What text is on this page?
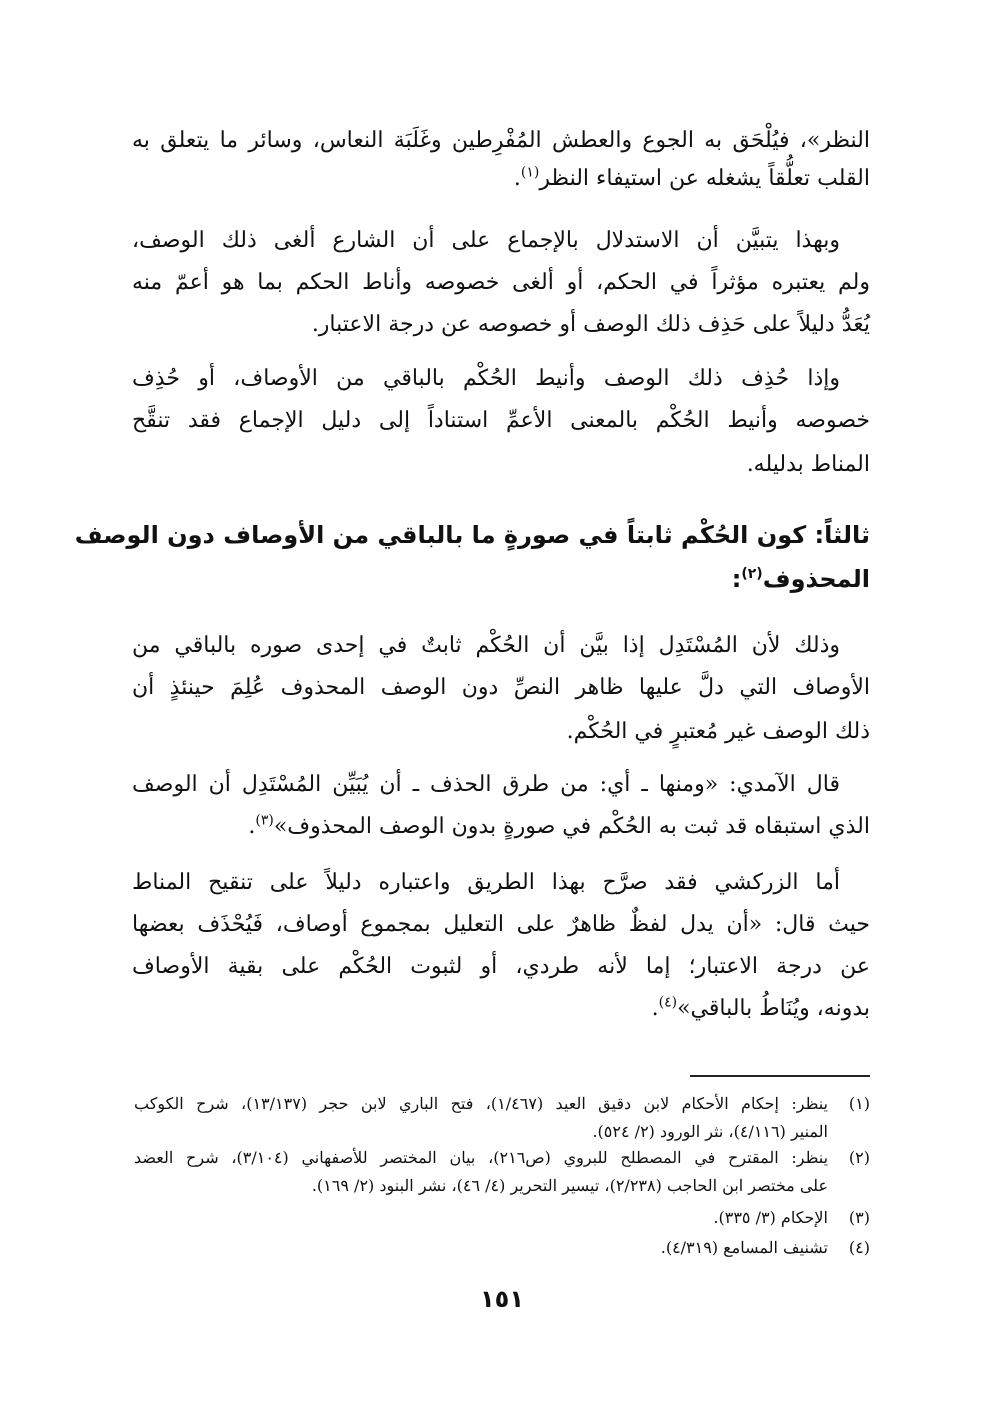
النظر»، فيُلْحَق به الجوع والعطش المُفْرِطين وغَلَبَة النعاس، وسائر ما يتعلق به
القلب تعلُّقاً يشغله عن استيفاء النظر$^{(١)}$.
وبهذا يتبيَّن أن الاستدلال بالإجماع على أن الشارع ألغى ذلك الوصف،
ولم يعتبره مؤثراً في الحكم، أو ألغى خصوصه وأناط الحكم بما هو أعمّ منه
يُعَدُّ دليلاً على حَذِف ذلك الوصف أو خصوصه عن درجة الاعتبار.
وإذا حُذِف ذلك الوصف وأنيط الحُكْم بالباقي من الأوصاف، أو حُذِف
خصوصه وأنيط الحُكْم بالمعنى الأعمِّ استناداً إلى دليل الإجماع فقد تنقَّح
المناط بدليله.
ثالثاً: كون الحُكْم ثابتاً في صورةٍ ما بالباقي من الأوصاف دون الوصف
المحذوف$^{(٢)}$:
وذلك لأن المُسْتَدِل إذا بيَّن أن الحُكْم ثابتٌ في إحدى صوره بالباقي من
الأوصاف التي دلَّ عليها ظاهر النصِّ دون الوصف المحذوف عُلِمَ حينئذٍ أن
ذلك الوصف غير مُعتبرٍ في الحُكْم.
قال الآمدي: «ومنها ـ أي: من طرق الحذف ـ أن يُبَيِّن المُسْتَدِل أن الوصف
الذي استبقاه قد ثبت به الحُكْم في صورةٍ بدون الوصف المحذوف»$^{(٣)}$.
أما الزركشي فقد صرَّح بهذا الطريق واعتباره دليلاً على تنقيح المناط
حيث قال: «أن يدل لفظٌ ظاهرٌ على التعليل بمجموع أوصاف، فَيُحْذَف بعضها
عن درجة الاعتبار؛ إما لأنه طردي، أو لثبوت الحُكْم على بقية الأوصاف
بدونه، ويُنَاطُ بالباقي»$^{(٤)}$.
(١)
ينظر: إحكام الأحكام لابن دقيق العيد (١/٤٦٧)، فتح الباري لابن حجر (١٣/١٣٧)، شرح الكوكب
المنير (٤/١١٦)، نثر الورود (٢/ ٥٢٤).
(٢)
ينظر: المقترح في المصطلح للبروي (ص٢١٦)، بيان المختصر للأصفهاني (٣/١٠٤)، شرح العضد
على مختصر ابن الحاجب (٢/٢٣٨)، تيسير التحرير (٤/ ٤٦)، نشر البنود (٢/ ١٦٩).
(٣)
الإحكام (٣/ ٣٣٥).
(٤)
تشنيف المسامع (٤/٣١٩).
١٥١
